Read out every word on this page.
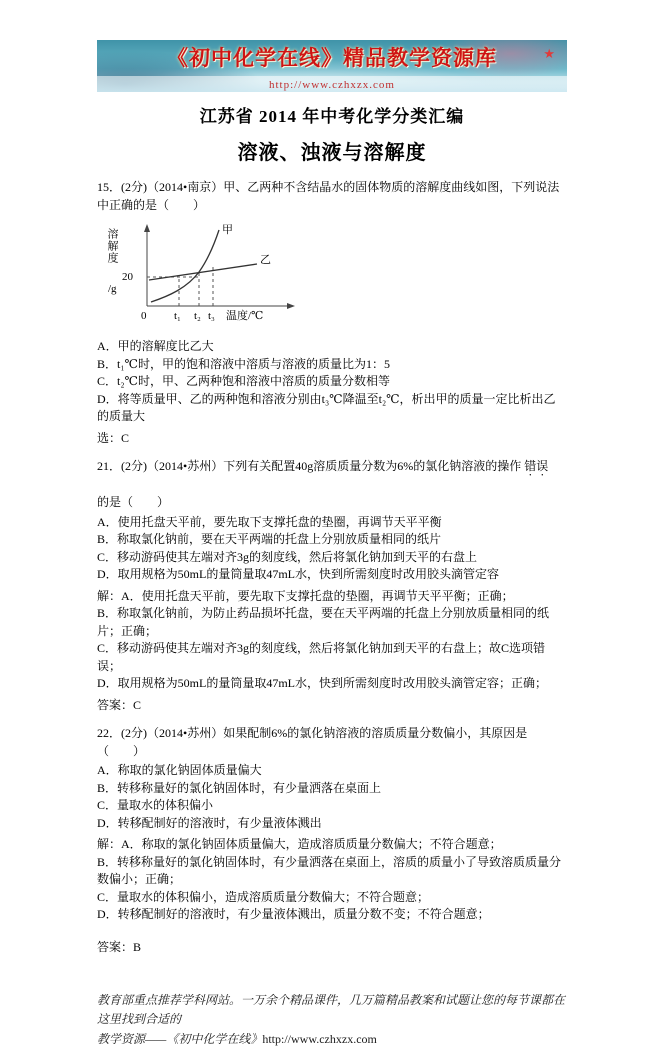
《初中化学在线》精品教学资源库	★
http://www.czhxzx.com
江苏省 2014 年中考化学分类汇编
溶液、浊液与溶解度

15．(2分)（2014•南京）甲、乙两种不含结晶水的固体物质的溶解度曲线如图，下列说法中正确的是（　　）

溶解度
/g
20
甲
乙
0	t₁ t₂ t₃ 温度/℃

A．甲的溶解度比乙大

B．t₁℃时，甲的饱和溶液中溶质与溶液的质量比为1：5

C．t₂℃时，甲、乙两种饱和溶液中溶质的质量分数相等

D．将等质量甲、乙的两种饱和溶液分别由t₃℃降温至t₂℃，析出甲的质量一定比析出乙的质量大

选：C

21．(2分)（2014•苏州）下列有关配置40g溶质质量分数为6%的氯化钠溶液的操作 错误

的是（　　）

A．使用托盘天平前，要先取下支撑托盘的垫圈，再调节天平平衡

B．称取氯化钠前，要在天平两端的托盘上分别放质量相同的纸片

C．移动游码使其左端对齐3g的刻度线，然后将氯化钠加到天平的右盘上

D．取用规格为50mL的量筒量取47mL水，快到所需刻度时改用胶头滴管定容

解：A．使用托盘天平前，要先取下支撑托盘的垫圈，再调节天平平衡；正确；

B．称取氯化钠前，为防止药品损坏托盘，要在天平两端的托盘上分别放质量相同的纸片；正确；

C．移动游码使其左端对齐3g的刻度线，然后将氯化钠加到天平的右盘上；故C选项错误；

D．取用规格为50mL的量筒量取47mL水，快到所需刻度时改用胶头滴管定容；正确；

答案：C

22．(2分)（2014•苏州）如果配制6%的氯化钠溶液的溶质质量分数偏小，其原因是（　　）

A．称取的氯化钠固体质量偏大

B．转移称量好的氯化钠固体时，有少量洒落在桌面上

C．量取水的体积偏小

D．转移配制好的溶液时，有少量液体溅出

解：A．称取的氯化钠固体质量偏大，造成溶质质量分数偏大；不符合题意；

B．转移称量好的氯化钠固体时，有少量洒落在桌面上，溶质的质量小了导致溶质质量分数偏小；正确；

C．量取水的体积偏小，造成溶质质量分数偏大；不符合题意；

D．转移配制好的溶液时，有少量液体溅出，质量分数不变；不符合题意；

答案：B

教育部重点推荐学科网站。一万余个精品课件，几万篇精品教案和试题让您的每节课都在这里找到合适的

教学资源——《初中化学在线》http://www.czhxzx.com
